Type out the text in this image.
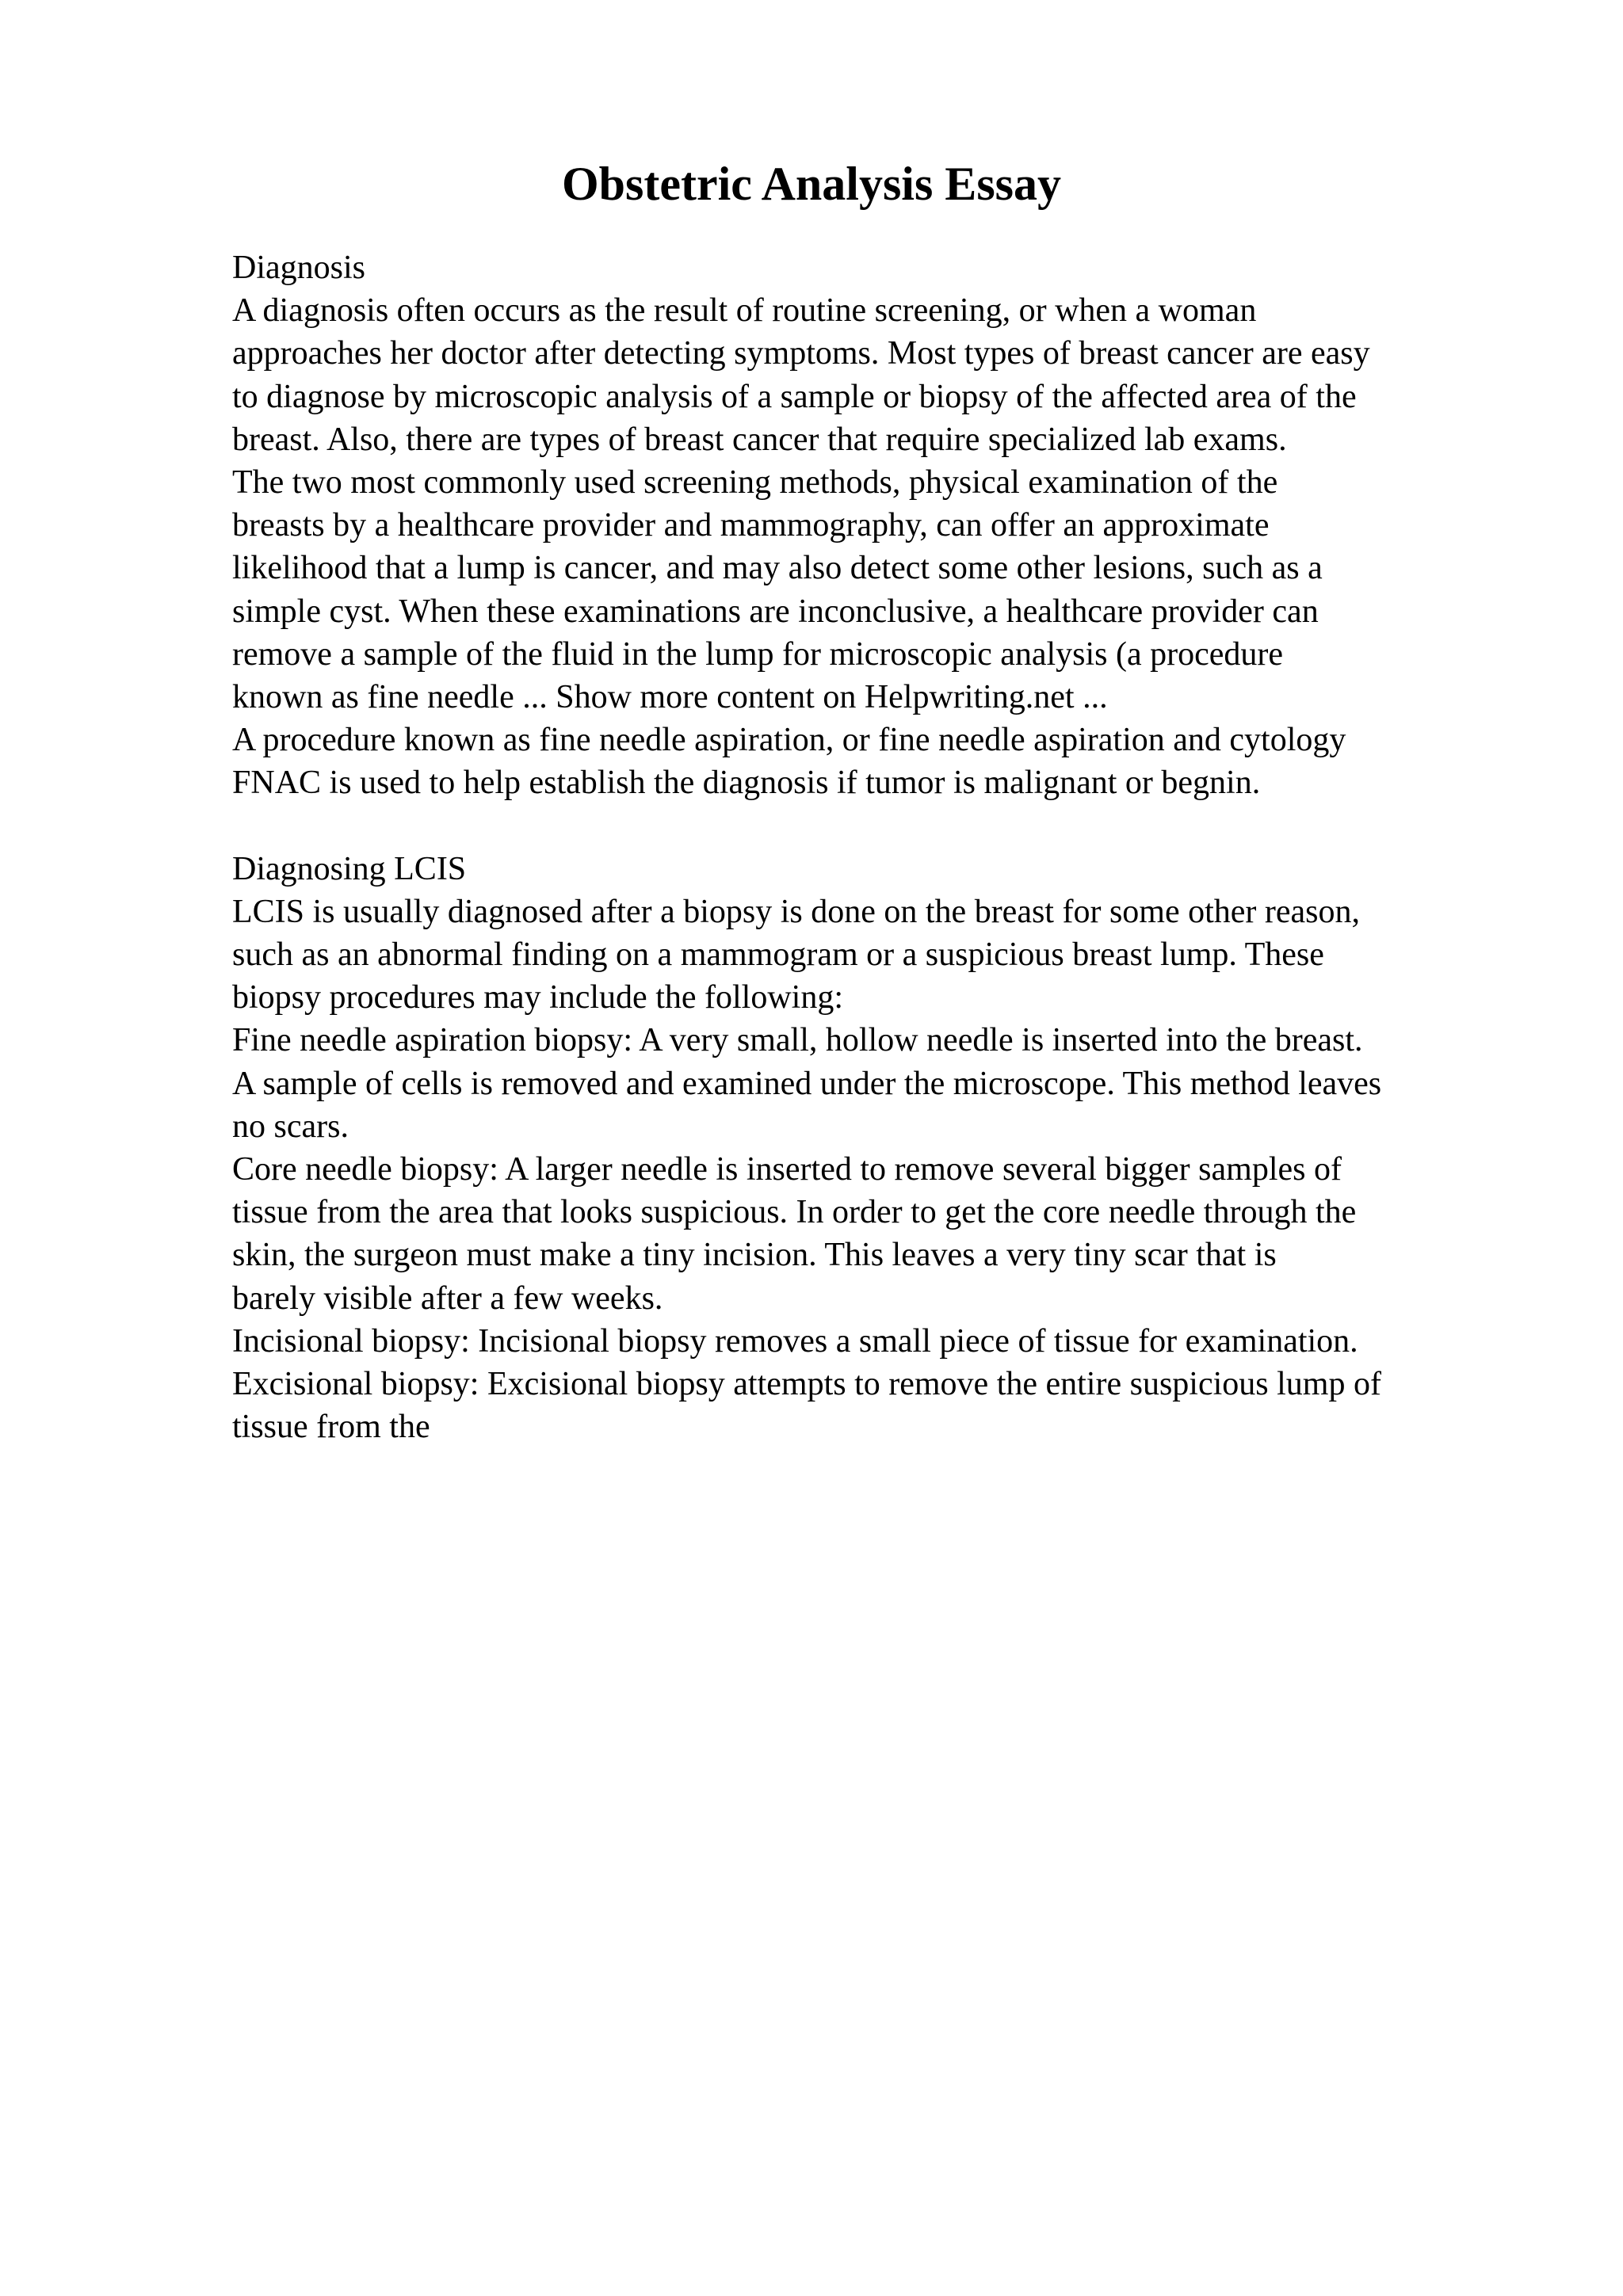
Obstetric Analysis Essay
Diagnosis
A diagnosis often occurs as the result of routine screening, or when a woman
approaches her doctor after detecting symptoms. Most types of breast cancer are easy
to diagnose by microscopic analysis of a sample or biopsy of the affected area of the
breast. Also, there are types of breast cancer that require specialized lab exams.
The two most commonly used screening methods, physical examination of the
breasts by a healthcare provider and mammography, can offer an approximate
likelihood that a lump is cancer, and may also detect some other lesions, such as a
simple cyst. When these examinations are inconclusive, a healthcare provider can
remove a sample of the fluid in the lump for microscopic analysis (a procedure
known as fine needle ... Show more content on Helpwriting.net ...
A procedure known as fine needle aspiration, or fine needle aspiration and cytology
FNAC is used to help establish the diagnosis if tumor is malignant or begnin.
Diagnosing LCIS
LCIS is usually diagnosed after a biopsy is done on the breast for some other reason,
such as an abnormal finding on a mammogram or a suspicious breast lump. These
biopsy procedures may include the following:
Fine needle aspiration biopsy: A very small, hollow needle is inserted into the breast.
A sample of cells is removed and examined under the microscope. This method leaves
no scars.
Core needle biopsy: A larger needle is inserted to remove several bigger samples of
tissue from the area that looks suspicious. In order to get the core needle through the
skin, the surgeon must make a tiny incision. This leaves a very tiny scar that is
barely visible after a few weeks.
Incisional biopsy: Incisional biopsy removes a small piece of tissue for examination.
Excisional biopsy: Excisional biopsy attempts to remove the entire suspicious lump of
tissue from the
